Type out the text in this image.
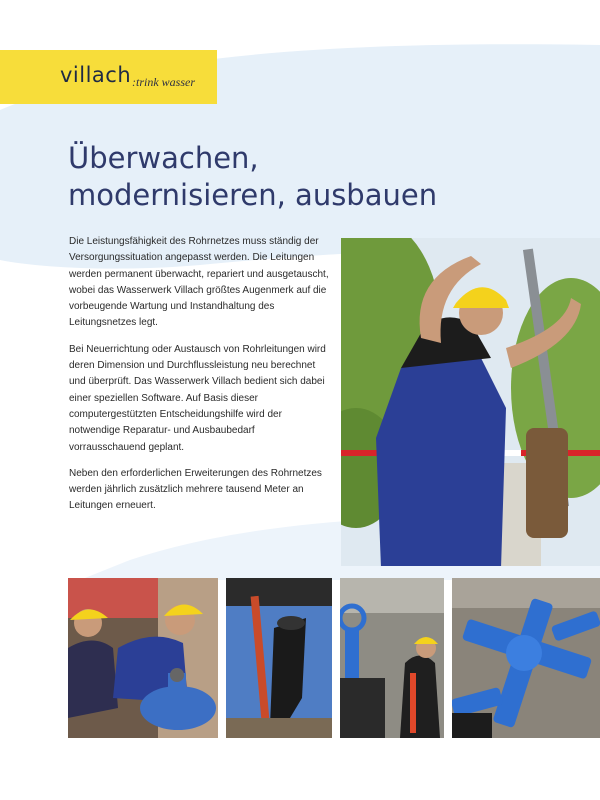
villach :trink wasser
Überwachen,
modernisieren, ausbauen

Die Leistungsfähigkeit des Rohrnetzes muss ständig der Versorgungssituation angepasst werden. Die Leitungen werden permanent überwacht, repariert und ausgetauscht, wobei das Wasserwerk Villach größtes Augenmerk auf die vorbeugende Wartung und Instandhaltung des Leitungsnetzes legt.

Bei Neuerrichtung oder Austausch von Rohrleitungen wird deren Dimension und Durchflussleistung neu berechnet und überprüft. Das Wasserwerk Villach bedient sich dabei einer speziellen Software. Auf Basis dieser computergestützten Entscheidungshilfe wird der notwendige Reparatur- und Ausbaubedarf vorrausschauend geplant.

Neben den erforderlichen Erweiterungen des Rohrnetzes werden jährlich zusätzlich mehrere tausend Meter an Leitungen erneuert.
